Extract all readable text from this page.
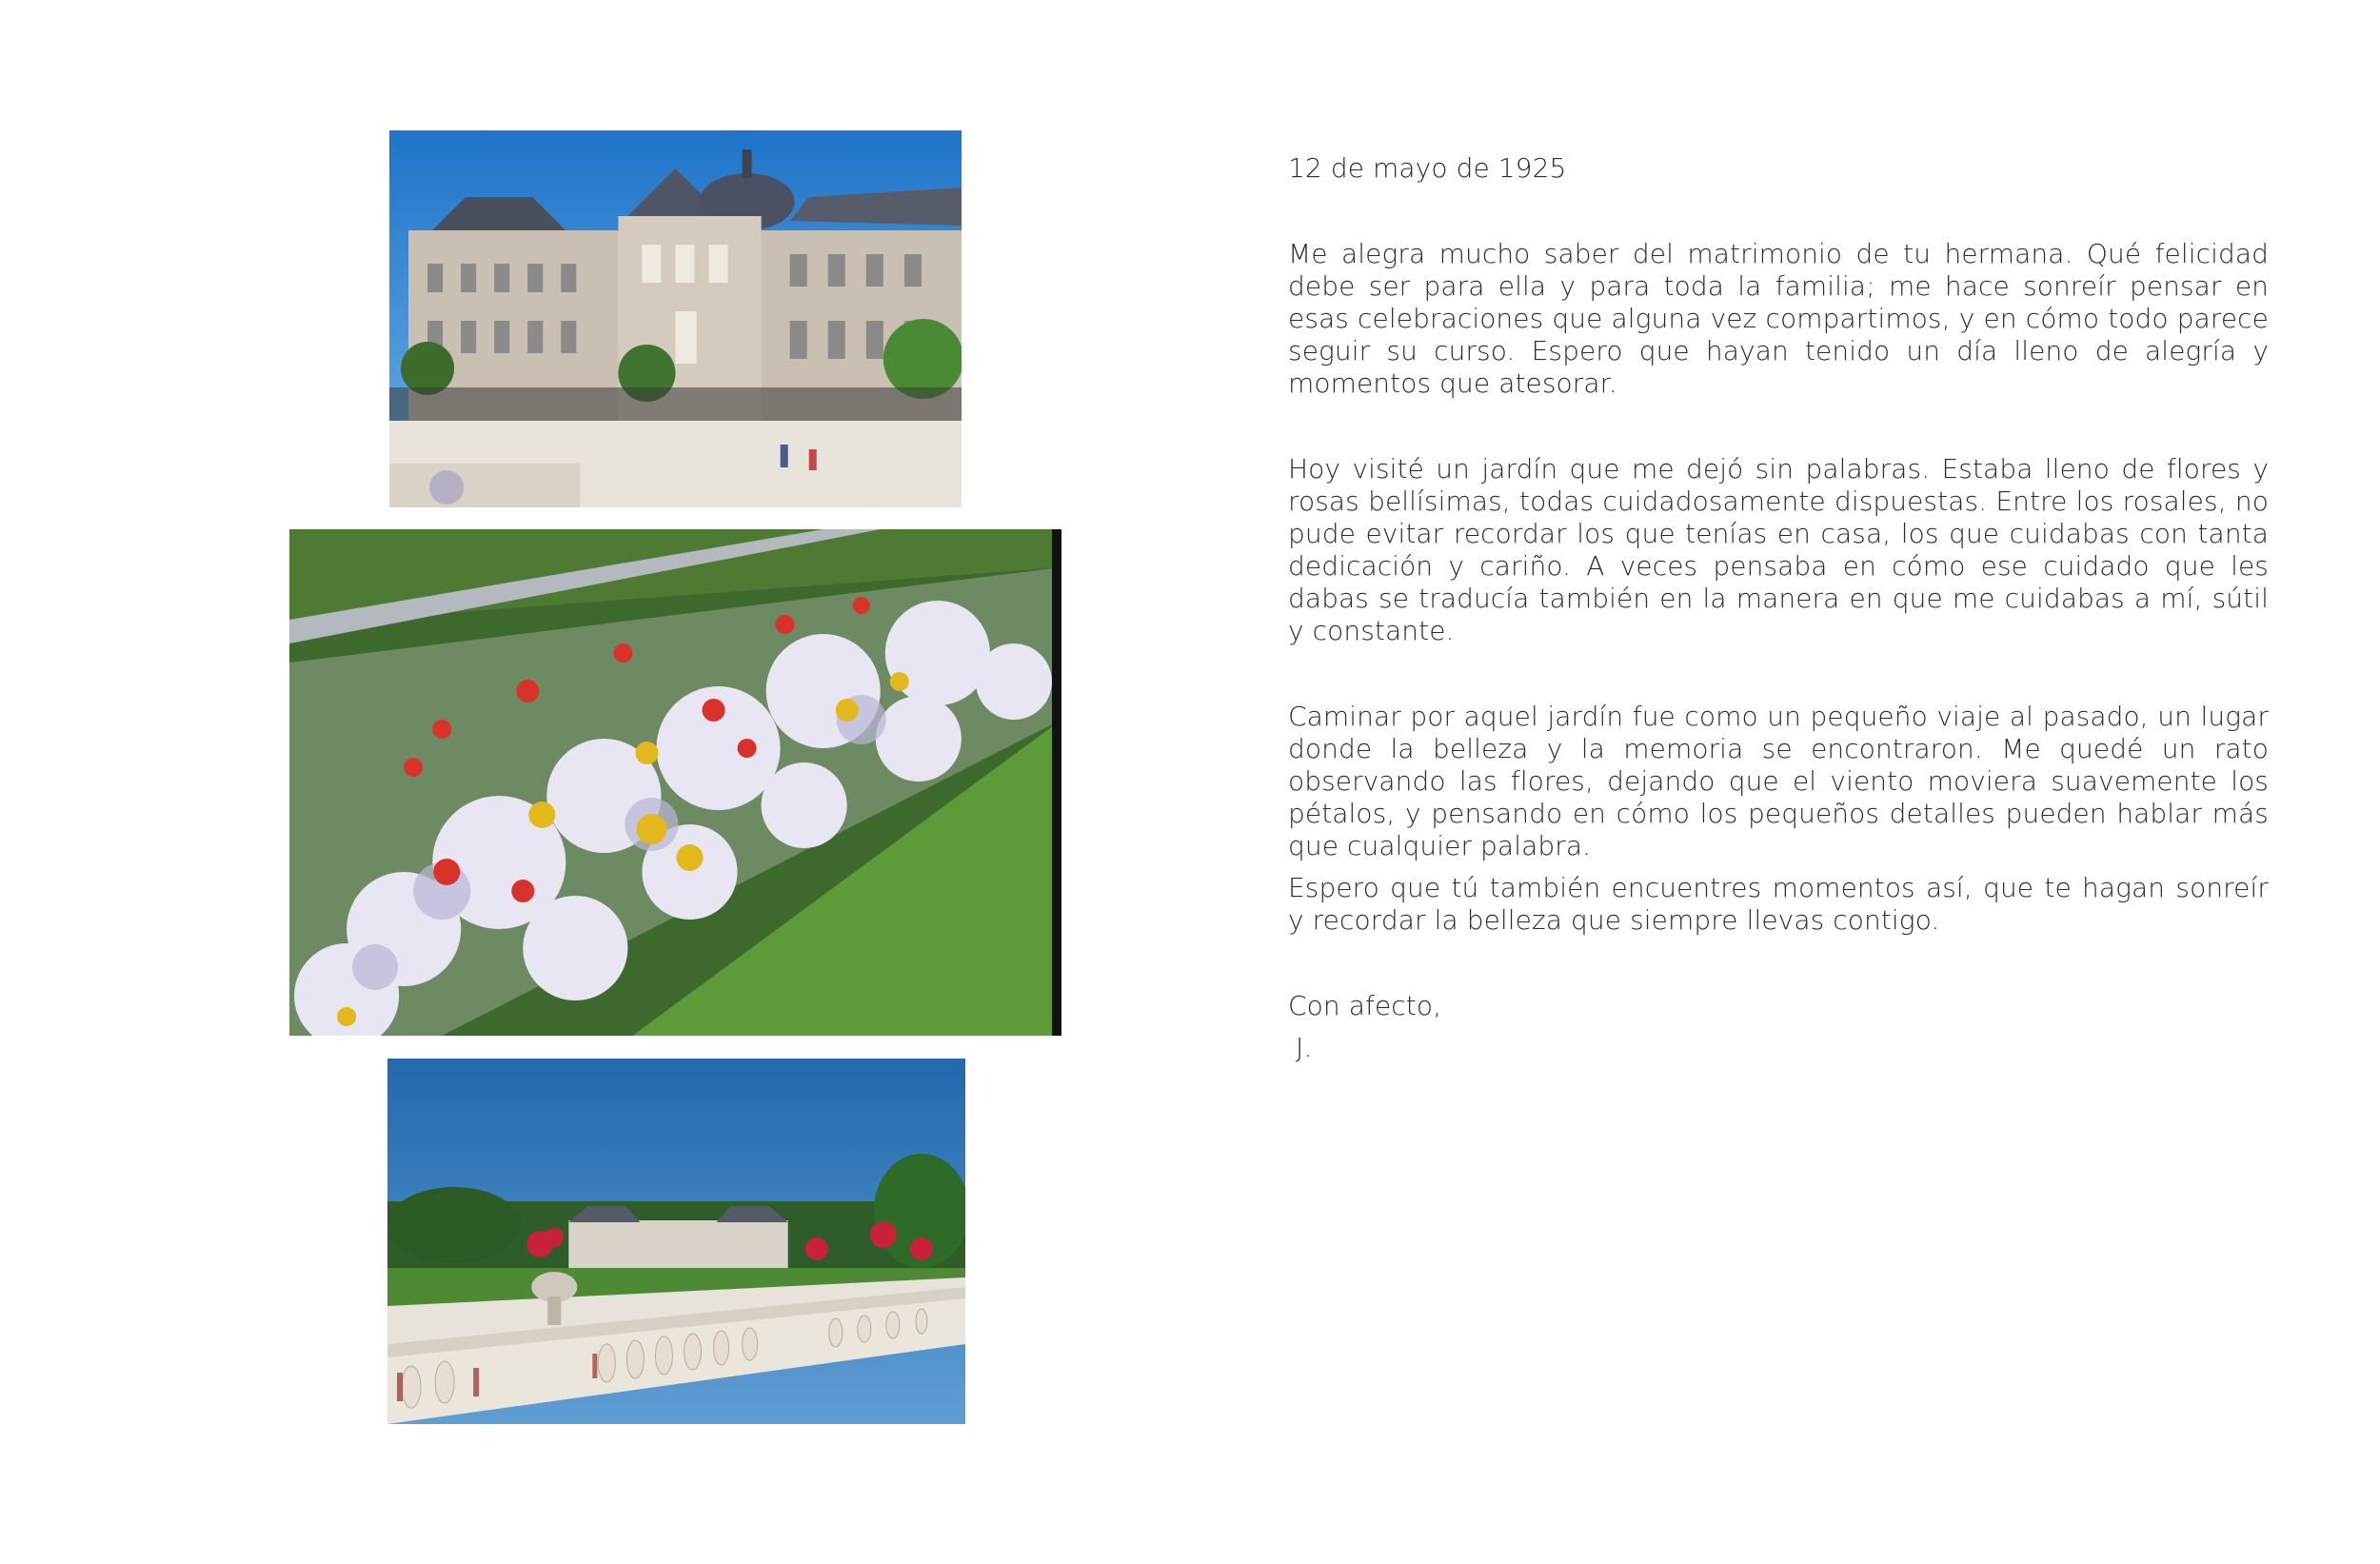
12 de mayo de 1925

Me alegra mucho saber del matrimonio de tu hermana. Qué felicidad debe ser para ella y para toda la familia; me hace sonreír pensar en esas celebraciones que alguna vez compartimos, y en cómo todo parece seguir su curso. Espero que hayan tenido un día lleno de alegría y momentos que atesorar.

Hoy visité un jardín que me dejó sin palabras. Estaba lleno de flores y rosas bellísimas, todas cuidadosamente dispuestas. Entre los rosales, no pude evitar recordar los que tenías en casa, los que cuidabas con tanta dedicación y cariño. A veces pensaba en cómo ese cuidado que les dabas se traducía también en la manera en que me cuidabas a mí, sútil y constante.

Caminar por aquel jardín fue como un pequeño viaje al pasado, un lugar donde la belleza y la memoria se encontraron. Me quedé un rato observando las flores, dejando que el viento moviera suavemente los pétalos, y pensando en cómo los pequeños detalles pueden hablar más que cualquier palabra.

Espero que tú también encuentres momentos así, que te hagan sonreír y recordar la belleza que siempre llevas contigo.

Con afecto,

J.
